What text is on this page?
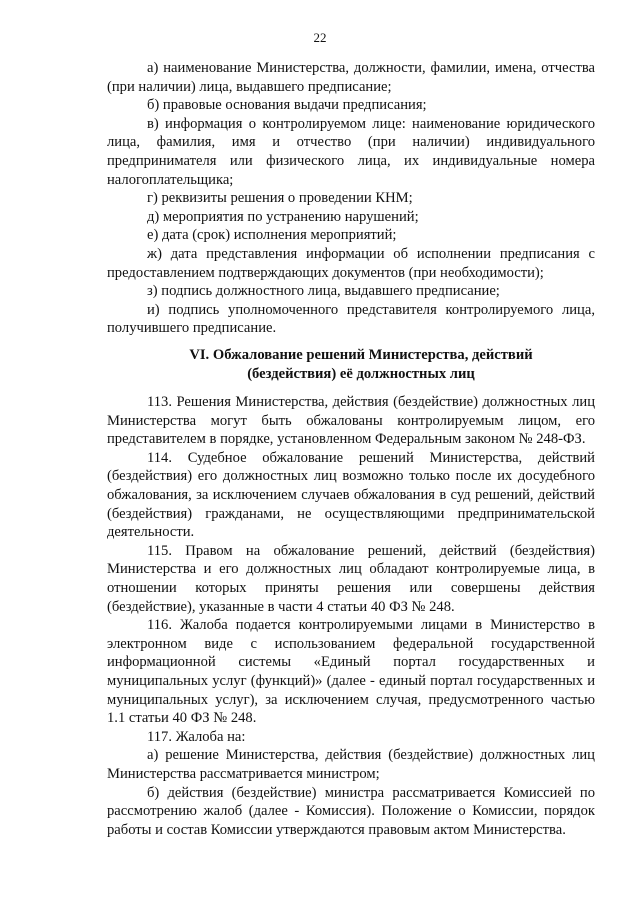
22

а) наименование Министерства, должности, фамилии, имена, отчества (при наличии) лица, выдавшего предписание;

б) правовые основания выдачи предписания;

в) информация о контролируемом лице: наименование юридического лица, фамилия, имя и отчество (при наличии) индивидуального предпринимателя или физического лица, их индивидуальные номера налогоплательщика;

г) реквизиты решения о проведении КНМ;

д) мероприятия по устранению нарушений;

е) дата (срок) исполнения мероприятий;

ж) дата представления информации об исполнении предписания с предоставлением подтверждающих документов (при необходимости);

з) подпись должностного лица, выдавшего предписание;

и) подпись уполномоченного представителя контролируемого лица, получившего предписание.

VI. Обжалование решений Министерства, действий
(бездействия) её должностных лиц

113. Решения Министерства, действия (бездействие) должностных лиц Министерства могут быть обжалованы контролируемым лицом, его представителем в порядке, установленном Федеральным законом № 248-ФЗ.

114. Судебное обжалование решений Министерства, действий (бездействия) его должностных лиц возможно только после их досудебного обжалования, за исключением случаев обжалования в суд решений, действий (бездействия) гражданами, не осуществляющими предпринимательской деятельности.

115. Правом на обжалование решений, действий (бездействия) Министерства и его должностных лиц обладают контролируемые лица, в отношении которых приняты решения или совершены действия (бездействие), указанные в части 4 статьи 40 ФЗ № 248.

116. Жалоба подается контролируемыми лицами в Министерство в электронном виде с использованием федеральной государственной информационной системы «Единый портал государственных и муниципальных услуг (функций)» (далее - единый портал государственных и муниципальных услуг), за исключением случая, предусмотренного частью 1.1 статьи 40 ФЗ № 248.

117. Жалоба на:

а) решение Министерства, действия (бездействие) должностных лиц Министерства рассматривается министром;

б) действия (бездействие) министра рассматривается Комиссией по рассмотрению жалоб (далее - Комиссия). Положение о Комиссии, порядок работы и состав Комиссии утверждаются правовым актом Министерства.
